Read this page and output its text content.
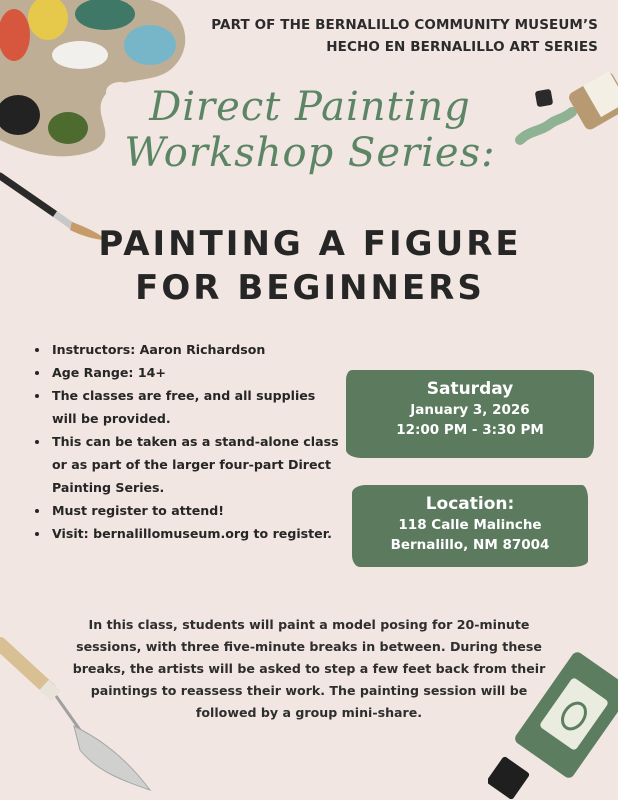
PART OF THE BERNALILLO COMMUNITY MUSEUM’S
HECHO EN BERNALILLO ART SERIES
Direct Painting
Workshop Series:
PAINTING A FIGURE
FOR BEGINNERS
• Instructors: Aaron Richardson
• Age Range: 14+
• The classes are free, and all supplies will be provided.
• This can be taken as a stand-alone class or as part of the larger four-part Direct Painting Series.
• Must register to attend!
• Visit: bernalillomuseum.org to register.
Saturday
January 3, 2026
12:00 PM - 3:30 PM
Location:
118 Calle Malinche
Bernalillo, NM 87004
In this class, students will paint a model posing for 20-minute sessions, with three five-minute breaks in between. During these breaks, the artists will be asked to step a few feet back from their paintings to reassess their work. The painting session will be followed by a group mini-share.
